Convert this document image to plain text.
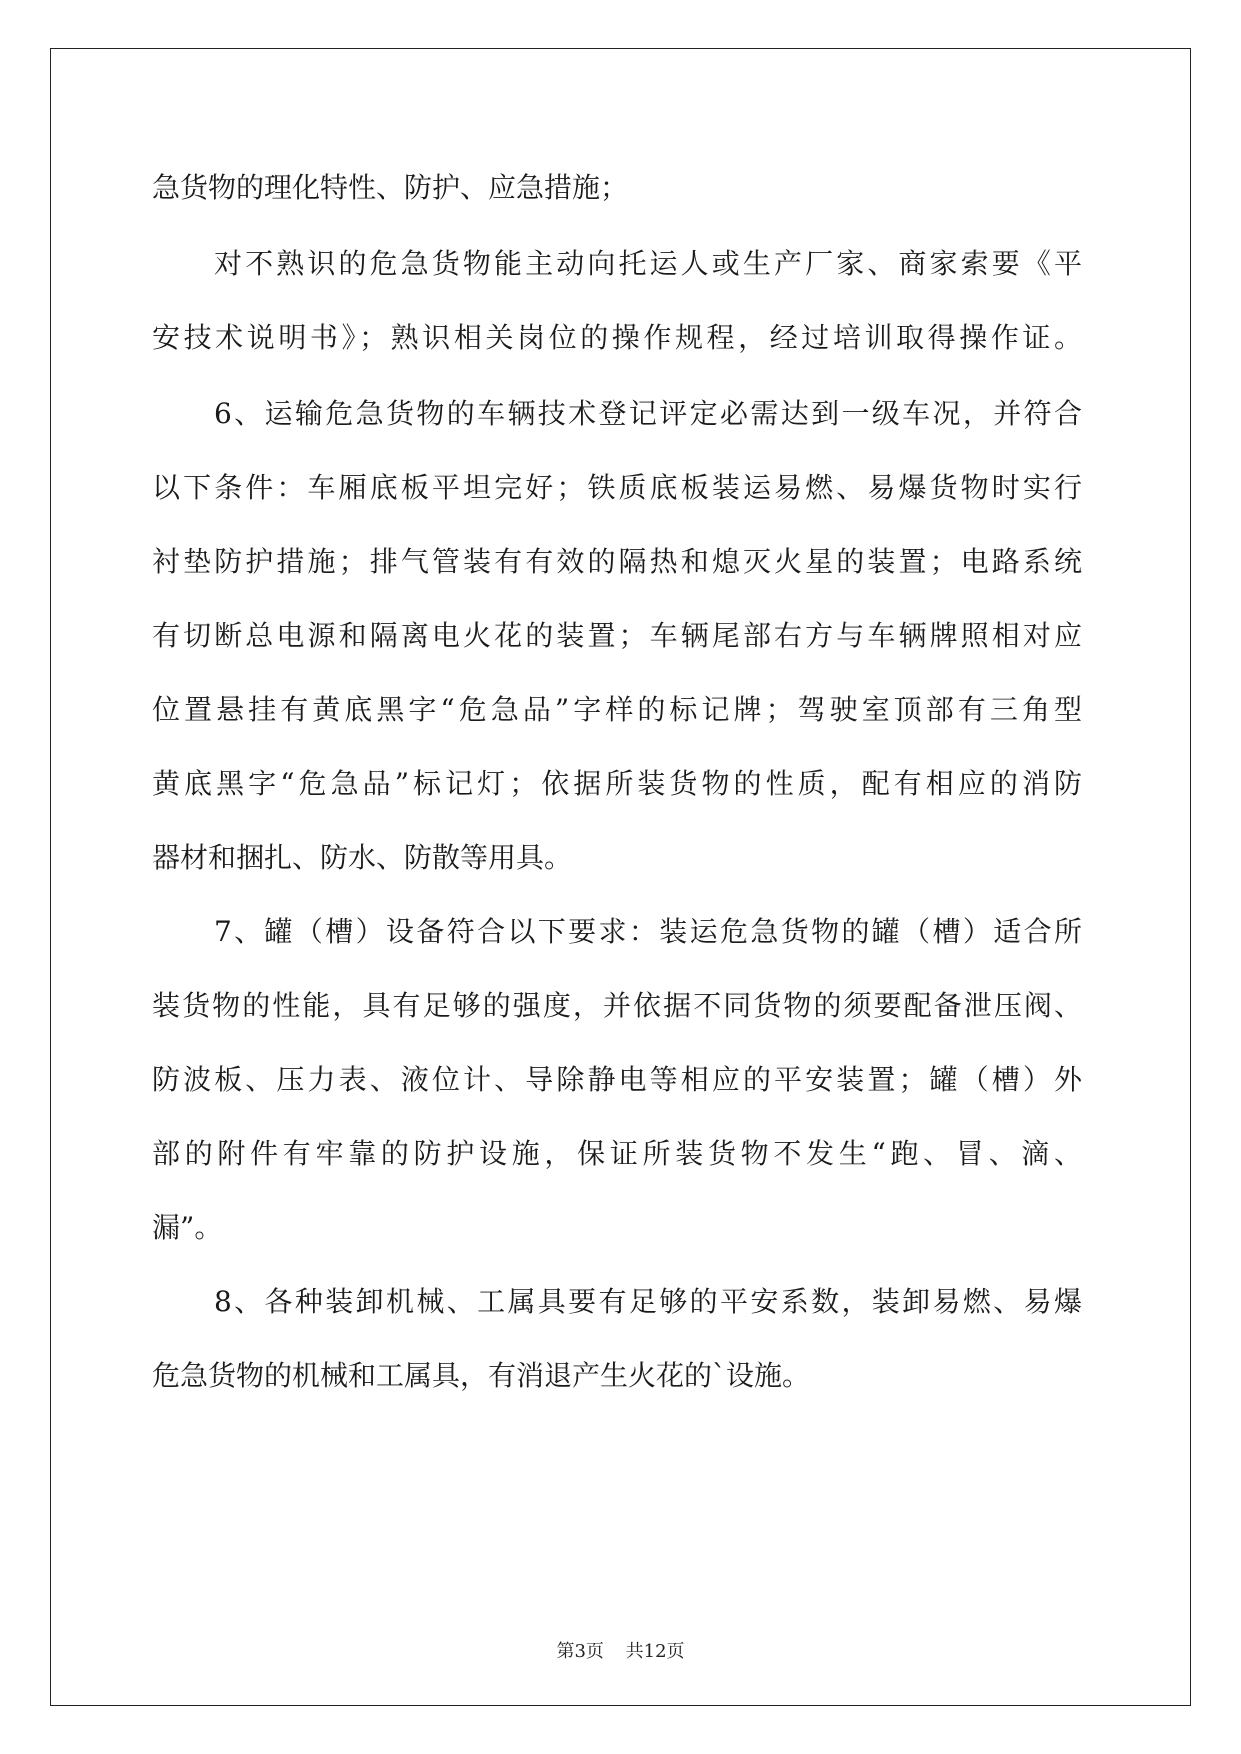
急货物的理化特性、防护、应急措施；
对不熟识的危急货物能主动向托运人或生产厂家、商家索要《平
安技术说明书》；熟识相关岗位的操作规程，经过培训取得操作证。
6、运输危急货物的车辆技术登记评定必需达到一级车况，并符合
以下条件：车厢底板平坦完好；铁质底板装运易燃、易爆货物时实行
衬垫防护措施；排气管装有有效的隔热和熄灭火星的装置；电路系统
有切断总电源和隔离电火花的装置；车辆尾部右方与车辆牌照相对应
位置悬挂有黄底黑字“危急品”字样的标记牌；驾驶室顶部有三角型
黄底黑字“危急品”标记灯；依据所装货物的性质，配有相应的消防
器材和捆扎、防水、防散等用具。
7、罐（槽）设备符合以下要求：装运危急货物的罐（槽）适合所
装货物的性能，具有足够的强度，并依据不同货物的须要配备泄压阀、
防波板、压力表、液位计、导除静电等相应的平安装置；罐（槽）外
部的附件有牢靠的防护设施，保证所装货物不发生“跑、冒、滴、
漏”。
8、各种装卸机械、工属具要有足够的平安系数，装卸易燃、易爆
危急货物的机械和工属具，有消退产生火花的`设施。
第3页 共12页
